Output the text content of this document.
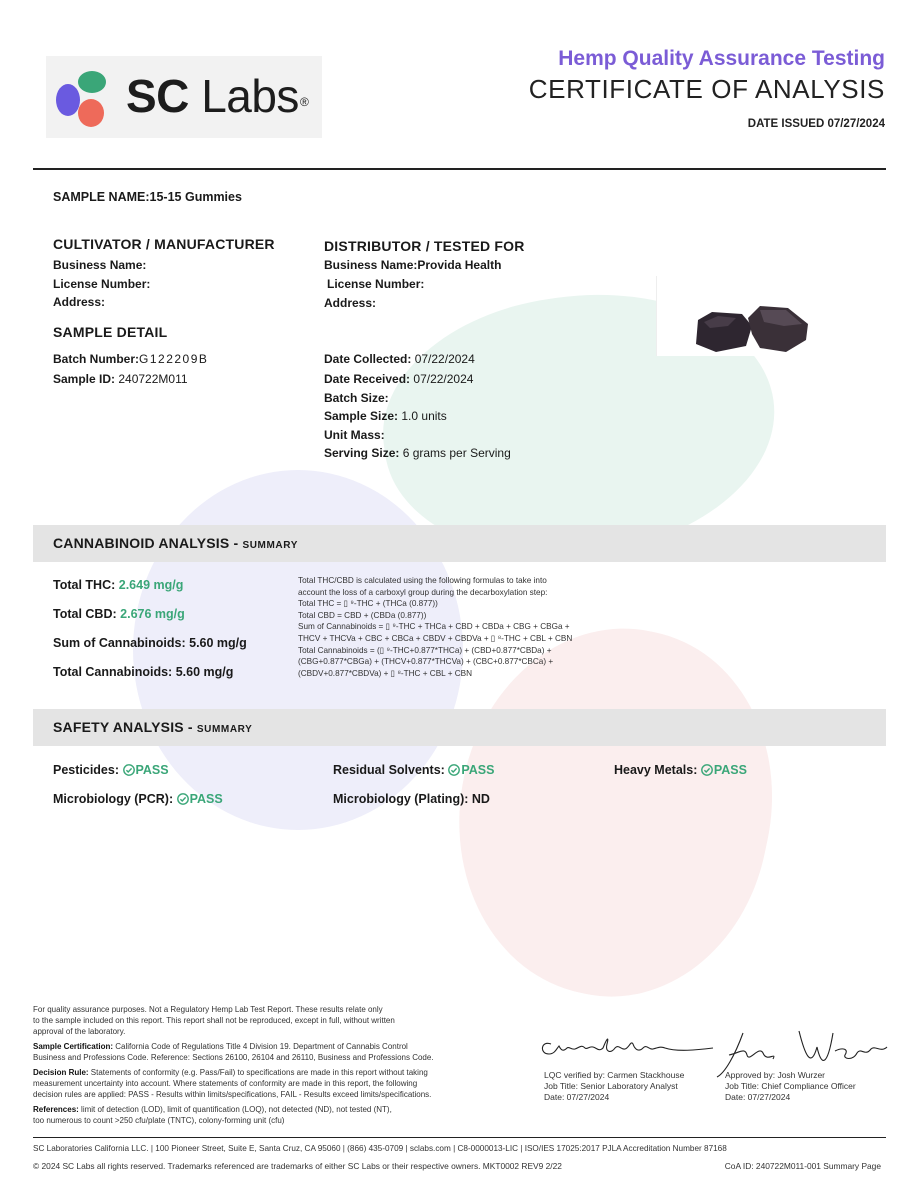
SC Labs®
Hemp Quality Assurance Testing
CERTIFICATE OF ANALYSIS
DATE ISSUED 07/27/2024
SAMPLE NAME:15-15 Gummies
CULTIVATOR / MANUFACTURER
Business Name:
License Number:
Address:
DISTRIBUTOR / TESTED FOR
Business Name:Provida Health
License Number:
Address:
SAMPLE DETAIL
Batch Number:G122209B
Sample ID: 240722M011
Date Collected: 07/22/2024
Date Received: 07/22/2024
Batch Size:
Sample Size: 1.0 units
Unit Mass:
Serving Size: 6 grams per Serving
CANNABINOID ANALYSIS - SUMMARY
Total THC: 2.649 mg/g
Total CBD: 2.676 mg/g
Sum of Cannabinoids: 5.60 mg/g
Total Cannabinoids: 5.60 mg/g
Total THC/CBD is calculated using the following formulas to take into
account the loss of a carboxyl group during the decarboxylation step:
Total THC = ▯ ⁹-THC + (THCa (0.877))
Total CBD = CBD + (CBDa (0.877))
Sum of Cannabinoids = ▯ ⁹-THC + THCa + CBD + CBDa + CBG + CBGa +
THCV + THCVa + CBC + CBCa + CBDV + CBDVa + ▯ ⁸-THC + CBL + CBN
Total Cannabinoids = (▯ ⁹-THC+0.877*THCa) + (CBD+0.877*CBDa) +
(CBG+0.877*CBGa) + (THCV+0.877*THCVa) + (CBC+0.877*CBCa) +
(CBDV+0.877*CBDVa) + ▯ ⁸-THC + CBL + CBN
SAFETY ANALYSIS - SUMMARY
Pesticides: PASS	Residual Solvents: PASS	Heavy Metals: PASS
Microbiology (PCR): PASS	Microbiology (Plating): ND

For quality assurance purposes. Not a Regulatory Hemp Lab Test Report. These results relate only
to the sample included on this report. This report shall not be reproduced, except in full, without written
approval of the laboratory.

Sample Certification: California Code of Regulations Title 4 Division 19. Department of Cannabis Control
Business and Professions Code. Reference: Sections 26100, 26104 and 26110, Business and Professions Code.

Decision Rule: Statements of conformity (e.g. Pass/Fail) to specifications are made in this report without taking
measurement uncertainty into account. Where statements of conformity are made in this report, the following
decision rules are applied: PASS - Results within limits/specifications, FAIL - Results exceed limits/specifications.

References: limit of detection (LOD), limit of quantification (LOQ), not detected (ND), not tested (NT),
too numerous to count >250 cfu/plate (TNTC), colony-forming unit (cfu)

LQC verified by: Carmen Stackhouse
Job Title: Senior Laboratory Analyst
Date: 07/27/2024
Approved by: Josh Wurzer
Job Title: Chief Compliance Officer
Date: 07/27/2024
SC Laboratories California LLC. | 100 Pioneer Street, Suite E, Santa Cruz, CA 95060 | (866) 435-0709 | sclabs.com | C8-0000013-LIC | ISO/IES 17025:2017 PJLA Accreditation Number 87168
© 2024 SC Labs all rights reserved. Trademarks referenced are trademarks of either SC Labs or their respective owners. MKT0002 REV9 2/22	CoA ID: 240722M011-001 Summary Page
